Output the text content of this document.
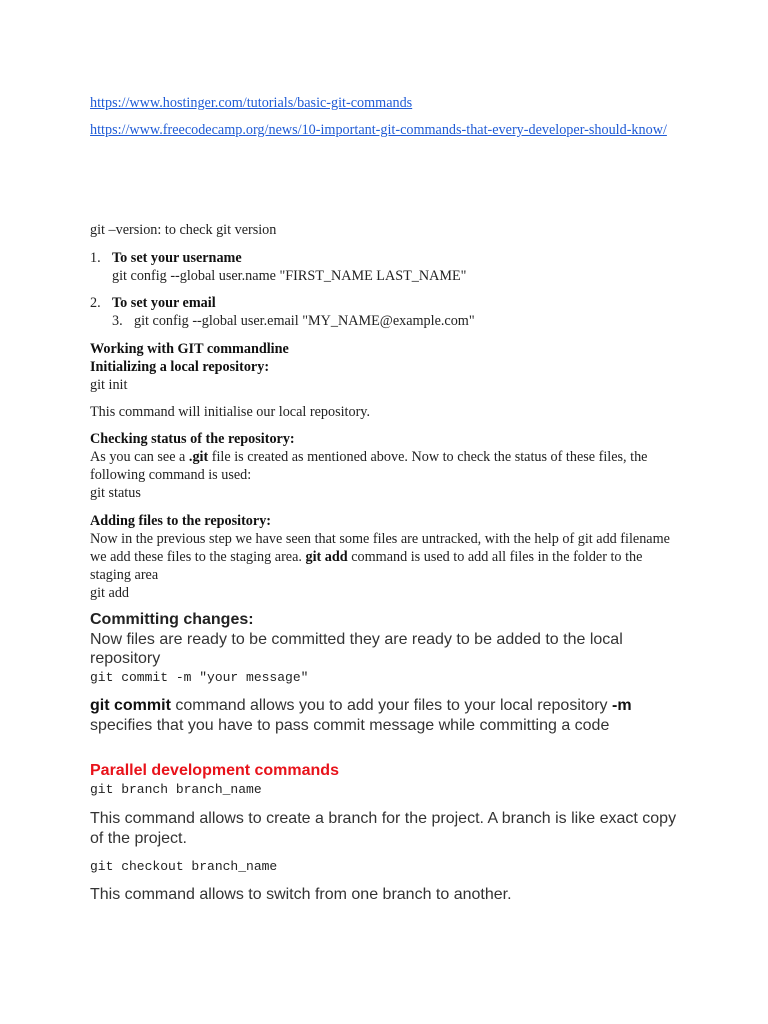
https://www.hostinger.com/tutorials/basic-git-commands
https://www.freecodecamp.org/news/10-important-git-commands-that-every-developer-should-know/

git –version: to check git version

1. To set your username
git config --global user.name "FIRST_NAME LAST_NAME"
2. To set your email
3. git config --global user.email "MY_NAME@example.com"
Working with GIT commandline
Initializing a local repository:
git init

This command will initialise our local repository.

Checking status of the repository:
As you can see a .git file is created as mentioned above. Now to check the status of these files, the following command is used:
git status
Adding files to the repository:
Now in the previous step we have seen that some files are untracked, with the help of git add filename we add these files to the staging area. git add command is used to add all files in the folder to the staging area
git add
Committing changes:
Now files are ready to be committed they are ready to be added to the local repository
git commit -m "your message"
git commit command allows you to add your files to your local repository -m specifies that you have to pass commit message while committing a code
Parallel development commands
git branch branch_name
This command allows to create a branch for the project. A branch is like exact copy of the project.
git checkout branch_name
This command allows to switch from one branch to another.
